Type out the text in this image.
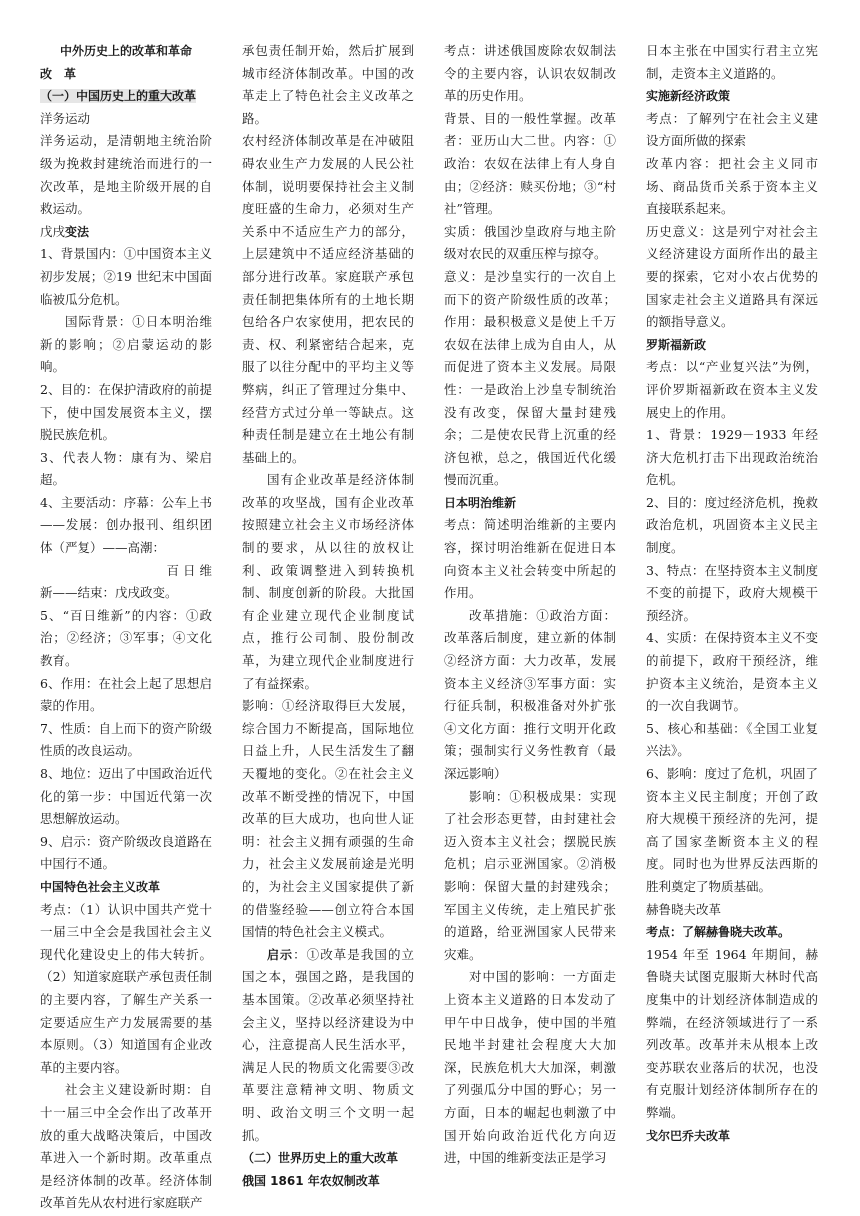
中外历史上的改革和革命

改　革

（一）中国历史上的重大改革

洋务运动

洋务运动，是清朝地主统治阶级为挽救封建统治而进行的一次改革，是地主阶级开展的自救运动。

戊戌变法

1、背景国内：①中国资本主义初步发展；②19 世纪末中国面临被瓜分危机。

国际背景：①日本明治维新的影响；②启蒙运动的影响。

2、目的：在保护清政府的前提下，使中国发展资本主义，摆脱民族危机。

3、代表人物：康有为、梁启超。

4、主要活动：序幕：公车上书——发展：创办报刊、组织团体（严复）——高潮：

百 日 维

新——结束：戊戌政变。

5、“百日维新”的内容：①政治；②经济；③军事；④文化教育。

6、作用：在社会上起了思想启蒙的作用。

7、性质：自上而下的资产阶级性质的改良运动。

8、地位：迈出了中国政治近代化的第一步：中国近代第一次思想解放运动。

9、启示：资产阶级改良道路在中国行不通。

中国特色社会主义改革

考点：（1）认识中国共产党十一届三中全会是我国社会主义现代化建设史上的伟大转折。（2）知道家庭联产承包责任制的主要内容，了解生产关系一定要适应生产力发展需要的基本原则。（3）知道国有企业改革的主要内容。

社会主义建设新时期：自十一届三中全会作出了改革开放的重大战略决策后，中国改革进入一个新时期。改革重点是经济体制的改革。经济体制改革首先从农村进行家庭联产

承包责任制开始，然后扩展到城市经济体制改革。中国的改革走上了特色社会主义改革之路。

农村经济体制改革是在冲破阻碍农业生产力发展的人民公社体制，说明要保持社会主义制度旺盛的生命力，必须对生产关系中不适应生产力的部分，上层建筑中不适应经济基础的部分进行改革。家庭联产承包责任制把集体所有的土地长期包给各户农家使用，把农民的责、权、利紧密结合起来，克服了以往分配中的平均主义等弊病，纠正了管理过分集中、经营方式过分单一等缺点。这种责任制是建立在土地公有制基础上的。

国有企业改革是经济体制改革的攻坚战，国有企业改革按照建立社会主义市场经济体制的要求，从以往的放权让利、政策调整进入到转换机制、制度创新的阶段。大批国有企业建立现代企业制度试点，推行公司制、股份制改革，为建立现代企业制度进行了有益探索。

影响：①经济取得巨大发展，综合国力不断提高，国际地位日益上升，人民生活发生了翻天覆地的变化。②在社会主义改革不断受挫的情况下，中国改革的巨大成功，也向世人证明：社会主义拥有顽强的生命力，社会主义发展前途是光明的，为社会主义国家提供了新的借鉴经验——创立符合本国国情的特色社会主义模式。

启示：①改革是我国的立国之本，强国之路，是我国的基本国策。②改革必须坚持社会主义，坚持以经济建设为中心，注意提高人民生活水平，满足人民的物质文化需要③改革要注意精神文明、物质文明、政治文明三个文明一起抓。

（二）世界历史上的重大改革

俄国 1861 年农奴制改革

考点：讲述俄国废除农奴制法令的主要内容，认识农奴制改革的历史作用。

背景、目的一般性掌握。改革者：亚历山大二世。内容：①政治：农奴在法律上有人身自由；②经济：赎买份地；③“村社”管理。

实质：俄国沙皇政府与地主阶级对农民的双重压榨与掠夺。

意义：是沙皇实行的一次自上而下的资产阶级性质的改革；作用：最积极意义是使上千万农奴在法律上成为自由人，从而促进了资本主义发展。局限性：一是政治上沙皇专制统治没有改变，保留大量封建残余；二是使农民背上沉重的经济包袱，总之，俄国近代化缓慢而沉重。

日本明治维新

考点：简述明治维新的主要内容，探讨明治维新在促进日本向资本主义社会转变中所起的作用。

改革措施：①政治方面：改革落后制度，建立新的体制②经济方面：大力改革，发展资本主义经济③军事方面：实行征兵制，积极准备对外扩张④文化方面：推行文明开化政策；强制实行义务性教育（最深远影响）

影响：①积极成果：实现了社会形态更替，由封建社会迈入资本主义社会；摆脱民族危机；启示亚洲国家。②消极影响：保留大量的封建残余；军国主义传统，走上殖民扩张的道路，给亚洲国家人民带来灾难。

对中国的影响：一方面走上资本主义道路的日本发动了甲午中日战争，使中国的半殖民地半封建社会程度大大加深，民族危机大大加深，刺激了列强瓜分中国的野心；另一方面，日本的崛起也刺激了中国开始向政治近代化方向迈进，中国的维新变法正是学习

日本主张在中国实行君主立宪制，走资本主义道路的。

实施新经济政策

考点：了解列宁在社会主义建设方面所做的探索

改革内容：把社会主义同市场、商品货币关系于资本主义直接联系起来。

历史意义：这是列宁对社会主义经济建设方面所作出的最主要的探索，它对小农占优势的国家走社会主义道路具有深远的额指导意义。

罗斯福新政

考点：以“产业复兴法”为例，评价罗斯福新政在资本主义发展史上的作用。

1、背景：1929－1933 年经济大危机打击下出现政治统治危机。

2、目的：度过经济危机，挽救政治危机，巩固资本主义民主制度。

3、特点：在坚持资本主义制度不变的前提下，政府大规模干预经济。

4、实质：在保持资本主义不变的前提下，政府干预经济，维护资本主义统治，是资本主义的一次自我调节。

5、核心和基础：《全国工业复兴法》。

6、影响：度过了危机，巩固了资本主义民主制度；开创了政府大规模干预经济的先河，提高了国家垄断资本主义的程度。同时也为世界反法西斯的胜利奠定了物质基础。

赫鲁晓夫改革

考点：了解赫鲁晓夫改革。

1954 年至 1964 年期间，赫鲁晓夫试图克服斯大林时代高度集中的计划经济体制造成的弊端，在经济领域进行了一系列改革。改革并未从根本上改变苏联农业落后的状况，也没有克服计划经济体制所存在的弊端。

戈尔巴乔夫改革
